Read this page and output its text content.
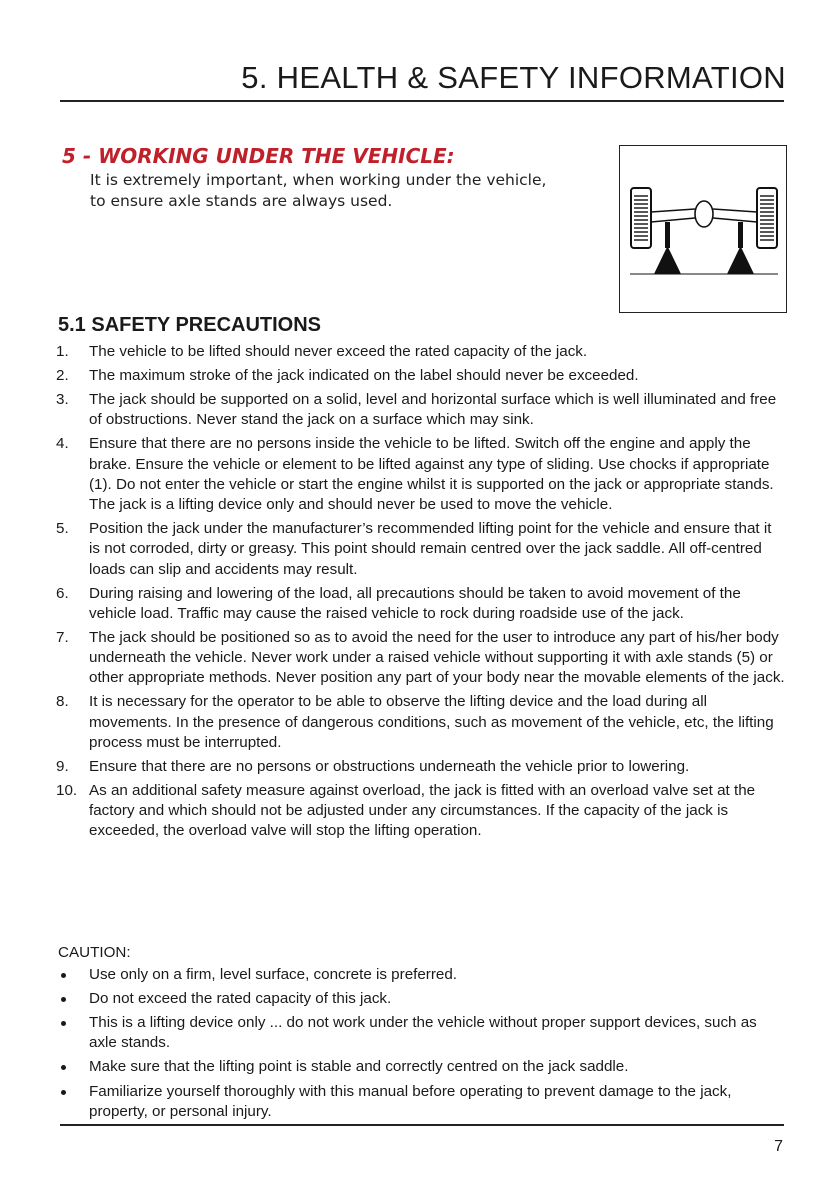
5. HEALTH & SAFETY INFORMATION
5 - WORKING UNDER THE VEHICLE:
It is extremely important, when working under the vehicle,
to ensure axle stands are always used.
5.1 SAFETY PRECAUTIONS
1. The vehicle to be lifted should never exceed the rated capacity of the jack.
2. The maximum stroke of the jack indicated on the label should never be exceeded.
3. The jack should be supported on a solid, level and horizontal surface which is well illuminated and free of obstructions. Never stand the jack on a surface which may sink.
4. Ensure that there are no persons inside the vehicle to be lifted. Switch off the engine and apply the brake. Ensure the vehicle or element to be lifted against any type of sliding. Use chocks if appropriate (1). Do not enter the vehicle or start the engine whilst it is supported on the jack or appropriate stands. The jack is a lifting device only and should never be used to move the vehicle.
5. Position the jack under the manufacturer’s recommended lifting point for the vehicle and ensure that it is not corroded, dirty or greasy. This point should remain centred over the jack saddle. All off-centred loads can slip and accidents may result.
6. During raising and lowering of the load, all precautions should be taken to avoid movement of the vehicle load. Traffic may cause the raised vehicle to rock during roadside use of the jack.
7. The jack should be positioned so as to avoid the need for the user to introduce any part of his/her body underneath the vehicle. Never work under a raised vehicle without supporting it with axle stands (5) or other appropriate methods. Never position any part of your body near the movable elements of the jack.
8. It is necessary for the operator to be able to observe the lifting device and the load during all movements. In the presence of dangerous conditions, such as movement of the vehicle, etc, the lifting process must be interrupted.
9. Ensure that there are no persons or obstructions underneath the vehicle prior to lowering.
10. As an additional safety measure against overload, the jack is fitted with an overload valve set at the factory and which should not be adjusted under any circumstances. If the capacity of the jack is exceeded, the overload valve will stop the lifting operation.
CAUTION:
Use only on a firm, level surface, concrete is preferred.
Do not exceed the rated capacity of this jack.
This is a lifting device only ... do not work under the vehicle without proper support devices, such as axle stands.
Make sure that the lifting point is stable and correctly centred on the jack saddle.
Familiarize yourself thoroughly with this manual before operating to prevent damage to the jack, property, or personal injury.
7
